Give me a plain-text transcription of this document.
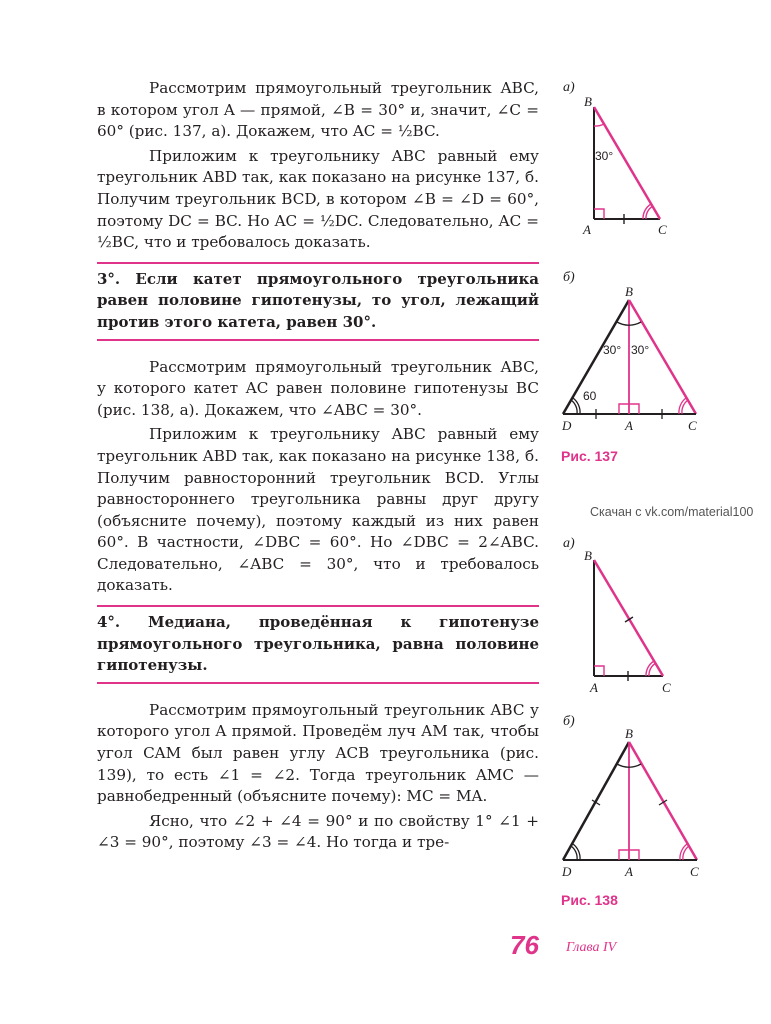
Рассмотрим прямоугольный треугольник ABC, в котором угол A — прямой, ∠B = 30° и, значит, ∠C = 60° (рис. 137, а). Докажем, что AC = ½BC.

Приложим к треугольнику ABC равный ему треугольник ABD так, как показано на рисунке 137, б. Получим треугольник BCD, в котором ∠B = ∠D = 60°, поэтому DC = BC. Но AC = ½DC. Следовательно, AC = ½BC, что и требовалось доказать.

3°. Если катет прямоугольного треугольника равен половине гипотенузы, то угол, лежащий против этого катета, равен 30°.

Рассмотрим прямоугольный треугольник ABC, у которого катет AC равен половине гипотенузы BC (рис. 138, а). Докажем, что ∠ABC = 30°.

Приложим к треугольнику ABC равный ему треугольник ABD так, как показано на рисунке 138, б. Получим равносторонний треугольник BCD. Углы равностороннего треугольника равны друг другу (объясните почему), поэтому каждый из них равен 60°. В частности, ∠DBC = 60°. Но ∠DBC = 2∠ABC. Следовательно, ∠ABC = 30°, что и требовалось доказать.

4°. Медиана, проведённая к гипотенузе прямоугольного треугольника, равна половине гипотенузы.

Рассмотрим прямоугольный треугольник ABC у которого угол A прямой. Проведём луч AM так, чтобы угол CAM был равен углу ACB треугольника (рис. 139), то есть ∠1 = ∠2. Тогда треугольник AMC — равнобедренный (объясните почему): MC = MA.

Ясно, что ∠2 + ∠4 = 90° и по свойству 1° ∠1 + ∠3 = 90°, поэтому ∠3 = ∠4. Но тогда и тре-

а)
б)
Рис. 137
Скачан с vk.com/material100
а)
б)
Рис. 138
B
A	C
30°
B
D	A	C
30° 30°
60
B
A	C
B
D	A	C
76 Глава IV
